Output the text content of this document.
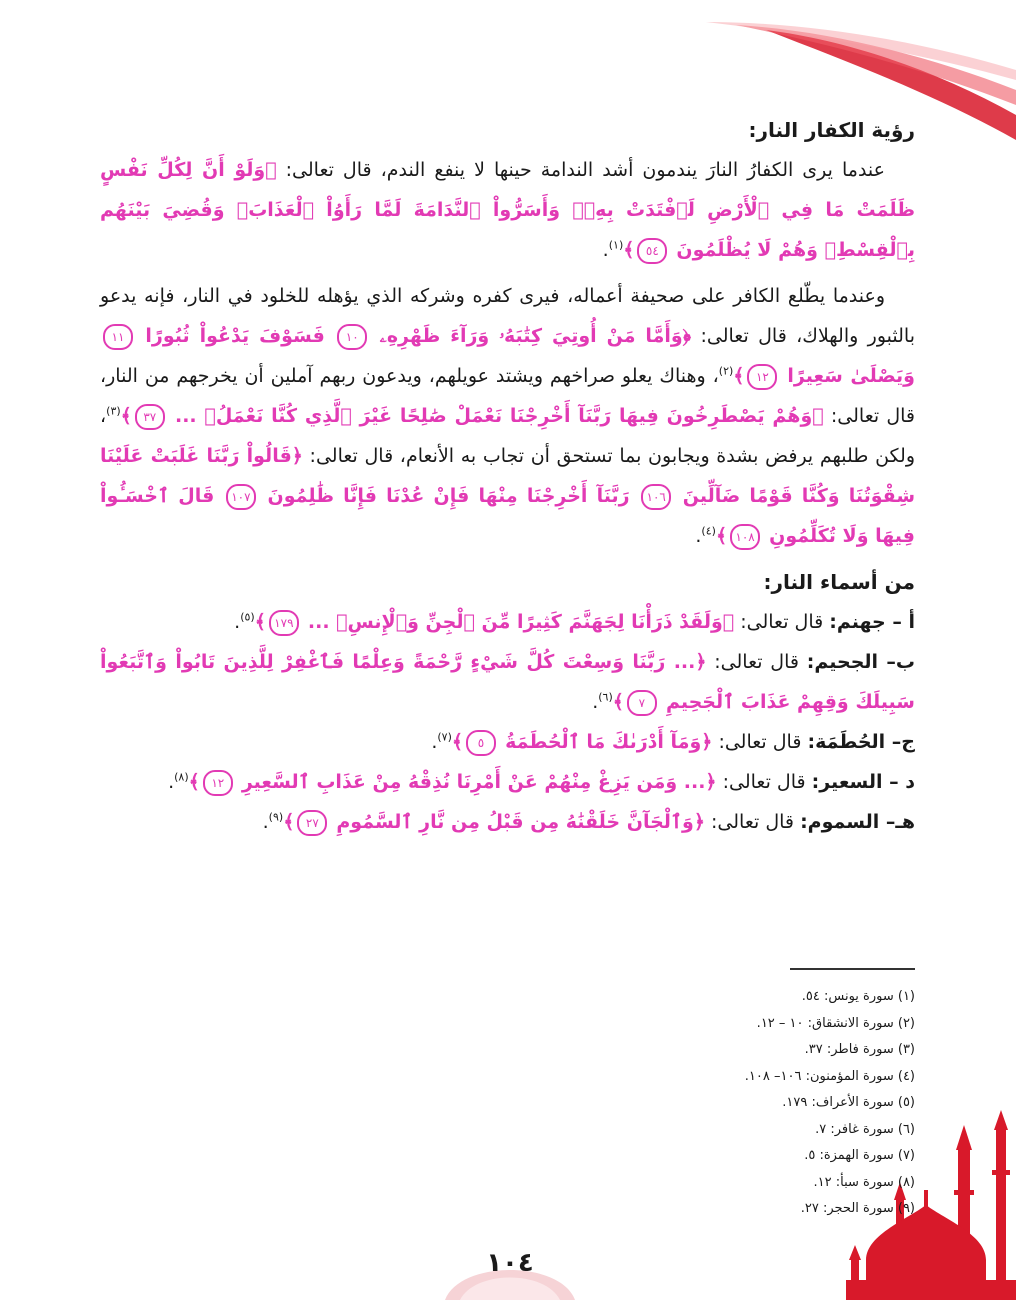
١٠٤

رؤية الكفار النار:

عندما يرى الكفارُ النارَ يندمون أشد الندامة حينها لا ينفع الندم، قال تعالى: ﴿وَلَوْ أَنَّ لِكُلِّ نَفْسٍ ظَلَمَتْ مَا فِي ٱلْأَرْضِ لَٱفْتَدَتْ بِهِۦۗ وَأَسَرُّواْ ٱلنَّدَامَةَ لَمَّا رَأَوُاْ ٱلْعَذَابَۖ وَقُضِيَ بَيْنَهُم بِٱلْقِسْطِۚ وَهُمْ لَا يُظْلَمُونَ ٥٤﴾$^{(١)}$.

وعندما يطّلع الكافر على صحيفة أعماله، فيرى كفره وشركه الذي يؤهله للخلود في النار، فإنه يدعو بالثبور والهلاك، قال تعالى: ﴿وَأَمَّا مَنْ أُوتِيَ كِتَٰبَهُۥ وَرَآءَ ظَهْرِهِۦ ١٠ فَسَوْفَ يَدْعُواْ ثُبُورًا ١١ وَيَصْلَىٰ سَعِيرًا ١٢﴾$^{(٢)}$، وهناك يعلو صراخهم ويشتد عويلهم، ويدعون ربهم آملين أن يخرجهم من النار، قال تعالى: ﴿وَهُمْ يَصْطَرِخُونَ فِيهَا رَبَّنَآ أَخْرِجْنَا نَعْمَلْ صَٰلِحًا غَيْرَ ٱلَّذِي كُنَّا نَعْمَلُۚ ... ٣٧﴾$^{(٣)}$، ولكن طلبهم يرفض بشدة ويجابون بما تستحق أن تجاب به الأنعام، قال تعالى: ﴿قَالُواْ رَبَّنَا غَلَبَتْ عَلَيْنَا شِقْوَتُنَا وَكُنَّا قَوْمًا ضَآلِّينَ ١٠٦ رَبَّنَآ أَخْرِجْنَا مِنْهَا فَإِنْ عُدْنَا فَإِنَّا ظَٰلِمُونَ ١٠٧ قَالَ ٱخْسَـُٔواْ فِيهَا وَلَا تُكَلِّمُونِ ١٠٨﴾$^{(٤)}$.

من أسماء النار:

أ – جهنم: قال تعالى: ﴿وَلَقَدْ ذَرَأْنَا لِجَهَنَّمَ كَثِيرًا مِّنَ ٱلْجِنِّ وَٱلْإِنسِۖ ... ١٧٩﴾$^{(٥)}$.

ب– الجحيم: قال تعالى: ﴿... رَبَّنَا وَسِعْتَ كُلَّ شَيْءٍ رَّحْمَةً وَعِلْمًا فَٱغْفِرْ لِلَّذِينَ تَابُواْ وَٱتَّبَعُواْ سَبِيلَكَ وَقِهِمْ عَذَابَ ٱلْجَحِيمِ ٧﴾$^{(٦)}$.

ج– الحُطَمَة: قال تعالى: ﴿وَمَآ أَدْرَىٰكَ مَا ٱلْحُطَمَةُ ٥﴾$^{(٧)}$.

د – السعير: قال تعالى: ﴿... وَمَن يَزِغْ مِنْهُمْ عَنْ أَمْرِنَا نُذِقْهُ مِنْ عَذَابِ ٱلسَّعِيرِ ١٢﴾$^{(٨)}$.

هـ– السموم: قال تعالى: ﴿وَٱلْجَآنَّ خَلَقْنَٰهُ مِن قَبْلُ مِن نَّارِ ٱلسَّمُومِ ٢٧﴾$^{(٩)}$.

(١) سورة يونس: ٥٤.

(٢) سورة الانشقاق: ١٠ – ١٢.

(٣) سورة فاطر: ٣٧.

(٤) سورة المؤمنون: ١٠٦– ١٠٨.

(٥) سورة الأعراف: ١٧٩.

(٦) سورة غافر: ٧.

(٧) سورة الهمزة: ٥.

(٨) سورة سبأ: ١٢.

(٩) سورة الحجر: ٢٧.
